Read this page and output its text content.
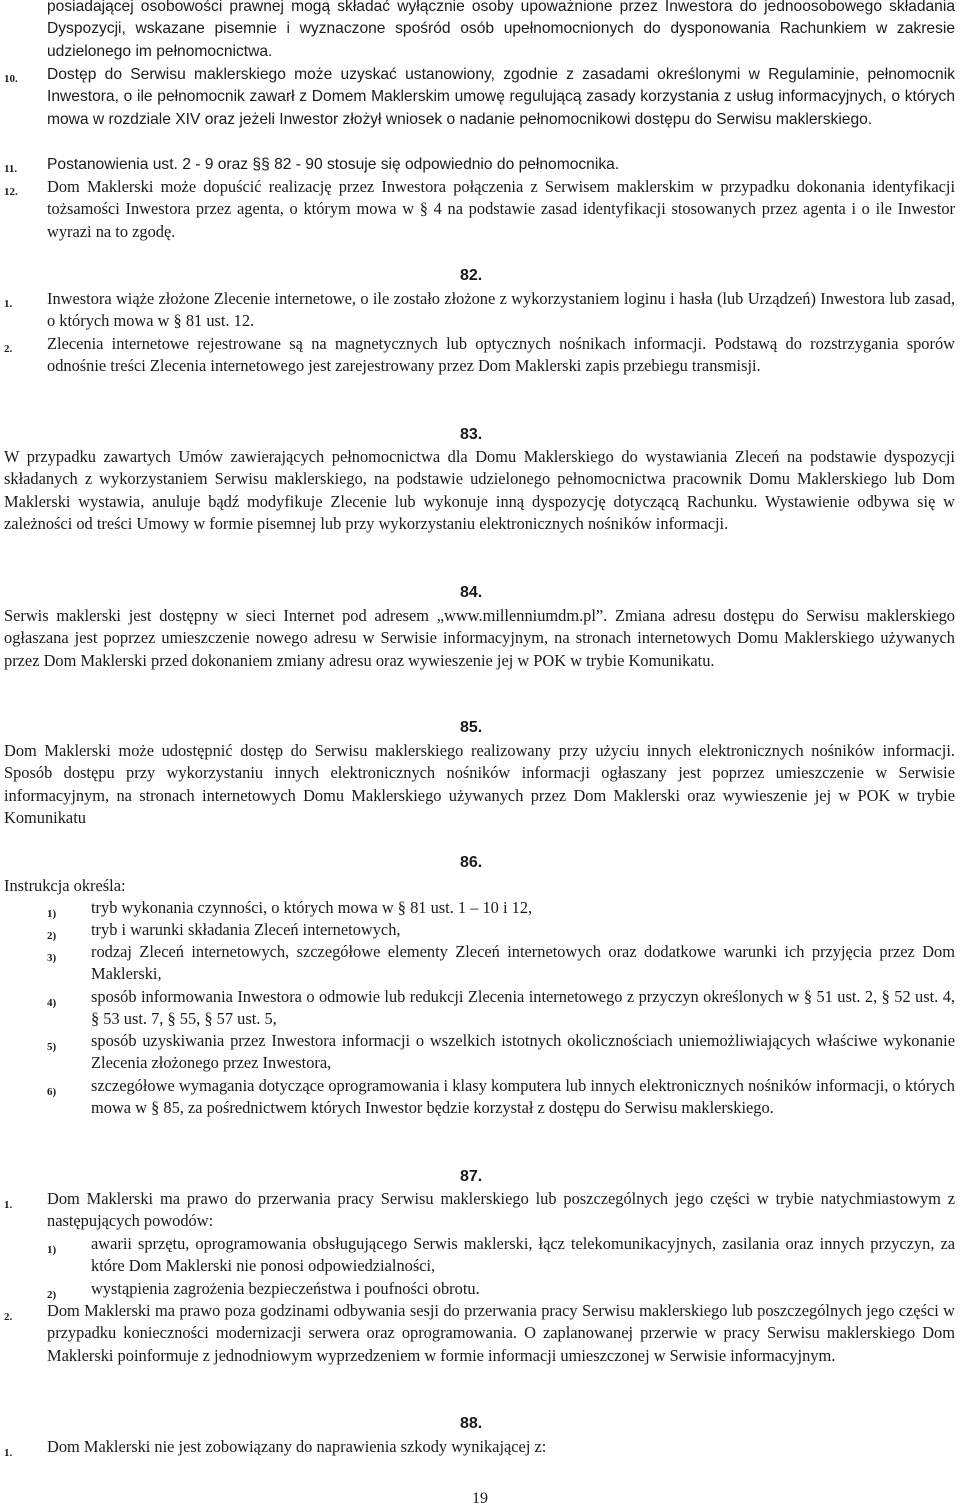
posiadającej osobowości prawnej mogą składać wyłącznie osoby upoważnione przez Inwestora do jednoosobowego składania Dyspozycji, wskazane pisemnie i wyznaczone spośród osób upełnomocnionych do dysponowania Rachunkiem w zakresie udzielonego im pełnomocnictwa.

10. Dostęp do Serwisu maklerskiego może uzyskać ustanowiony, zgodnie z zasadami określonymi w Regulaminie, pełnomocnik Inwestora, o ile pełnomocnik zawarł z Domem Maklerskim umowę regulującą zasady korzystania z usług informacyjnych, o których mowa w rozdziale XIV oraz jeżeli Inwestor złożył wniosek o nadanie pełnomocnikowi dostępu do Serwisu maklerskiego.

11. Postanowienia ust. 2 - 9 oraz §§ 82 - 90 stosuje się odpowiednio do pełnomocnika.

12. Dom Maklerski może dopuścić realizację przez Inwestora połączenia z Serwisem maklerskim w przypadku dokonania identyfikacji tożsamości Inwestora przez agenta, o którym mowa w § 4 na podstawie zasad identyfikacji stosowanych przez agenta i o ile Inwestor wyrazi na to zgodę.

82.
1. Inwestora wiąże złożone Zlecenie internetowe, o ile zostało złożone z wykorzystaniem loginu i hasła (lub Urządzeń) Inwestora lub zasad, o których mowa w § 81 ust. 12.

2. Zlecenia internetowe rejestrowane są na magnetycznych lub optycznych nośnikach informacji. Podstawą do rozstrzygania sporów odnośnie treści Zlecenia internetowego jest zarejestrowany przez Dom Maklerski zapis przebiegu transmisji.

83.

W przypadku zawartych Umów zawierających pełnomocnictwa dla Domu Maklerskiego do wystawiania Zleceń na podstawie dyspozycji składanych z wykorzystaniem Serwisu maklerskiego, na podstawie udzielonego pełnomocnictwa pracownik Domu Maklerskiego lub Dom Maklerski wystawia, anuluje bądź modyfikuje Zlecenie lub wykonuje inną dyspozycję dotyczącą Rachunku. Wystawienie odbywa się w zależności od treści Umowy w formie pisemnej lub przy wykorzystaniu elektronicznych nośników informacji.

84.

Serwis maklerski jest dostępny w sieci Internet pod adresem „www.millenniumdm.pl”. Zmiana adresu dostępu do Serwisu maklerskiego ogłaszana jest poprzez umieszczenie nowego adresu w Serwisie informacyjnym, na stronach internetowych Domu Maklerskiego używanych przez Dom Maklerski przed dokonaniem zmiany adresu oraz wywieszenie jej w POK w trybie Komunikatu.

85.

Dom Maklerski może udostępnić dostęp do Serwisu maklerskiego realizowany przy użyciu innych elektronicznych nośników informacji. Sposób dostępu przy wykorzystaniu innych elektronicznych nośników informacji ogłaszany jest poprzez umieszczenie w Serwisie informacyjnym, na stronach internetowych Domu Maklerskiego używanych przez Dom Maklerski oraz wywieszenie jej w POK w trybie Komunikatu

86.

Instrukcja określa:

1) tryb wykonania czynności, o których mowa w § 81 ust. 1 – 10 i 12,

2) tryb i warunki składania Zleceń internetowych,

3) rodzaj Zleceń internetowych, szczegółowe elementy Zleceń internetowych oraz dodatkowe warunki ich przyjęcia przez Dom Maklerski,

4) sposób informowania Inwestora o odmowie lub redukcji Zlecenia internetowego z przyczyn określonych w § 51 ust. 2, § 52 ust. 4, § 53 ust. 7, § 55, § 57 ust. 5,

5) sposób uzyskiwania przez Inwestora informacji o wszelkich istotnych okolicznościach uniemożliwiających właściwe wykonanie Zlecenia złożonego przez Inwestora,

6) szczegółowe wymagania dotyczące oprogramowania i klasy komputera lub innych elektronicznych nośników informacji, o których mowa w § 85, za pośrednictwem których Inwestor będzie korzystał z dostępu do Serwisu maklerskiego.

87.
1. Dom Maklerski ma prawo do przerwania pracy Serwisu maklerskiego lub poszczególnych jego części w trybie natychmiastowym z następujących powodów:

1) awarii sprzętu, oprogramowania obsługującego Serwis maklerski, łącz telekomunikacyjnych, zasilania oraz innych przyczyn, za które Dom Maklerski nie ponosi odpowiedzialności,

2) wystąpienia zagrożenia bezpieczeństwa i poufności obrotu.

2. Dom Maklerski ma prawo poza godzinami odbywania sesji do przerwania pracy Serwisu maklerskiego lub poszczególnych jego części w przypadku konieczności modernizacji serwera oraz oprogramowania. O zaplanowanej przerwie w pracy Serwisu maklerskiego Dom Maklerski poinformuje z jednodniowym wyprzedzeniem w formie informacji umieszczonej w Serwisie informacyjnym.

88.
1. Dom Maklerski nie jest zobowiązany do naprawienia szkody wynikającej z:

19
